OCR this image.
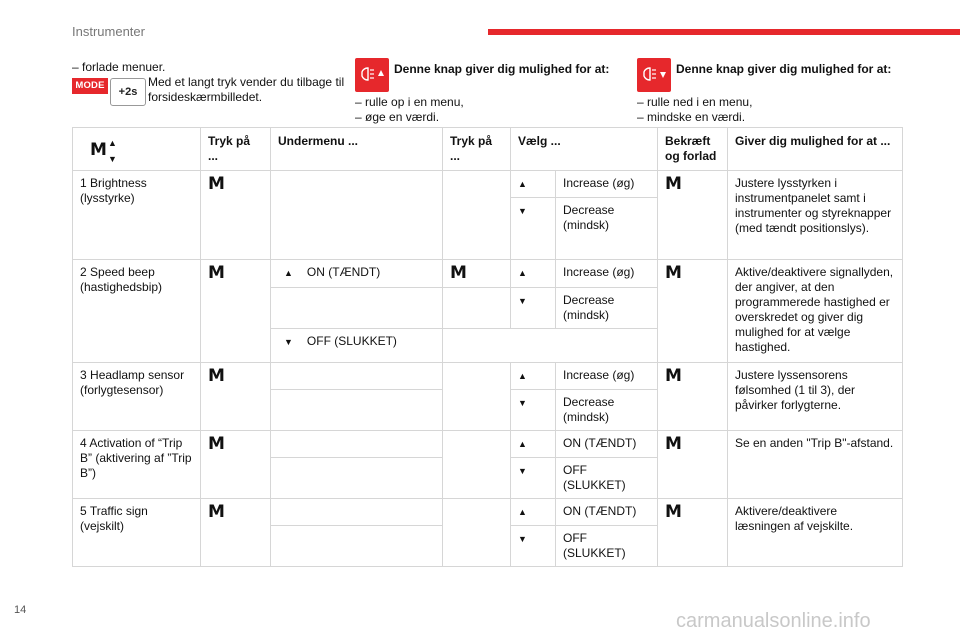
Instrumenter
– forlade menuer.
MODE
+2s
Med et langt tryk vender du tilbage til forsideskærmbilledet.
Denne knap giver dig mulighed for at:
– rulle op i en menu,
– øge en værdi.
Denne knap giver dig mulighed for at:
– rulle ned i en menu,
– mindske en værdi.
M ▲
▼	Tryk på ...	Undermenu ...	Tryk på ...	Vælg ...		Bekræft og forlad	Giver dig mulighed for at ...
1 Brightness (lysstyrke)	M			▲	Increase (øg)	M	Justere lysstyrken i instrumentpanelet samt i instrumenter og styreknapper (med tændt positionslys).
				▼	Decrease (mindsk)		
2 Speed beep (hastighedsbip)	M	▲ ON (TÆNDT)	M	▲	Increase (øg)	M	Aktive/deaktivere signallyden, der angiver, at den programmerede hastighed er overskredet og giver dig mulighed for at vælge hastighed.
				▼	Decrease (mindsk)		
		▼ OFF (SLUKKET)					
3 Headlamp sensor (forlygtesensor)	M			▲	Increase (øg)	M	Justere lyssensorens følsomhed (1 til 3), der påvirker forlygterne.
				▼	Decrease (mindsk)		
4 Activation of “Trip B” (aktivering af ”Trip B”)	M			▲	ON (TÆNDT)	M	Se en anden "Trip B"-afstand.
				▼	OFF (SLUKKET)		
5 Traffic sign (vejskilt)	M			▲	ON (TÆNDT)	M	Aktivere/deaktivere læsningen af vejskilte.
				▼	OFF (SLUKKET)		
14	carmanualsonline.info
